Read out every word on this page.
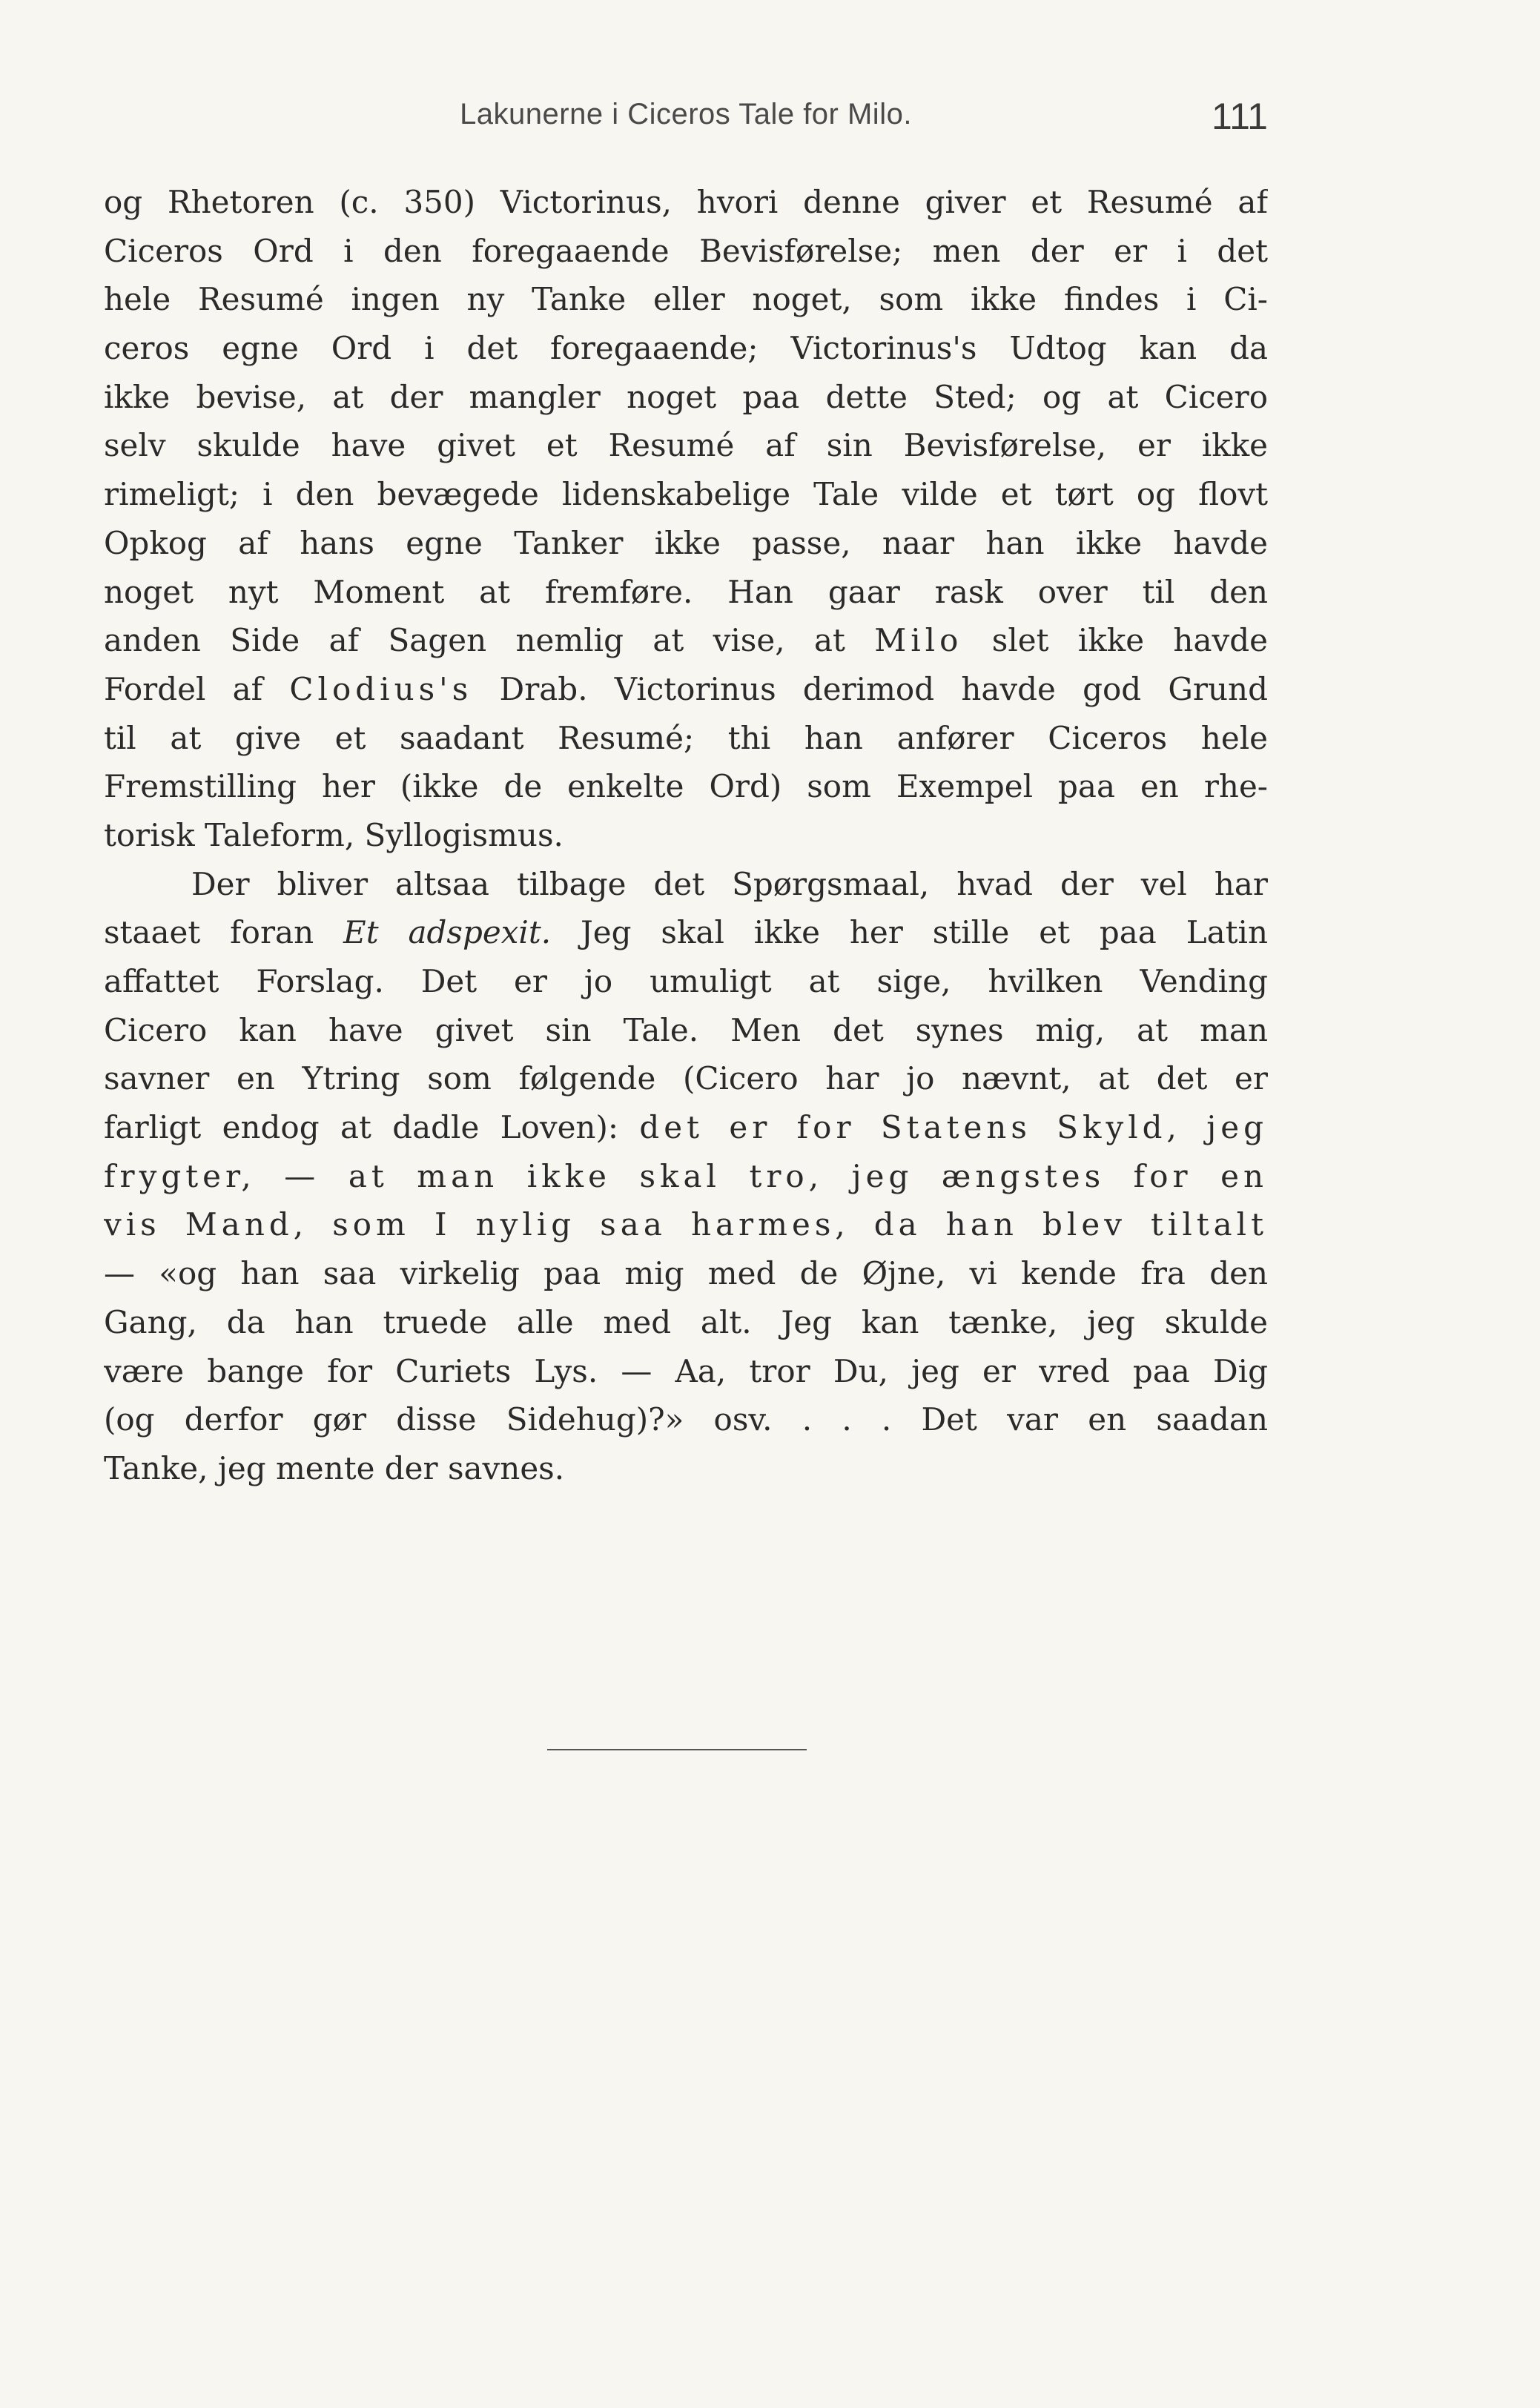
Lakunerne i Ciceros Tale for Milo.	111
og Rhetoren (c. 350) Victorinus, hvori denne giver et Resumé af
Ciceros Ord i den foregaaende Bevisførelse; men der er i det
hele Resumé ingen ny Tanke eller noget, som ikke findes i Ci-
ceros egne Ord i det foregaaende; Victorinus's Udtog kan da
ikke bevise, at der mangler noget paa dette Sted; og at Cicero
selv skulde have givet et Resumé af sin Bevisførelse, er ikke
rimeligt; i den bevægede lidenskabelige Tale vilde et tørt og flovt
Opkog af hans egne Tanker ikke passe, naar han ikke havde
noget nyt Moment at fremføre. Han gaar rask over til den
anden Side af Sagen nemlig at vise, at Milo slet ikke havde
Fordel af Clodius's Drab. Victorinus derimod havde god Grund
til at give et saadant Resumé; thi han anfører Ciceros hele
Fremstilling her (ikke de enkelte Ord) som Exempel paa en rhe-
torisk Taleform, Syllogismus.
Der bliver altsaa tilbage det Spørgsmaal, hvad der vel har
staaet foran Et adspexit. Jeg skal ikke her stille et paa Latin
affattet Forslag. Det er jo umuligt at sige, hvilken Vending
Cicero kan have givet sin Tale. Men det synes mig, at man
savner en Ytring som følgende (Cicero har jo nævnt, at det er
farligt endog at dadle Loven): det er for Statens Skyld, jeg
frygter, — at man ikke skal tro, jeg ængstes for en
vis Mand, som I nylig saa harmes, da han blev tiltalt
— «og han saa virkelig paa mig med de Øjne, vi kende fra den
Gang, da han truede alle med alt. Jeg kan tænke, jeg skulde
være bange for Curiets Lys. — Aa, tror Du, jeg er vred paa Dig
(og derfor gør disse Sidehug)?» osv. . . . Det var en saadan
Tanke, jeg mente der savnes.
